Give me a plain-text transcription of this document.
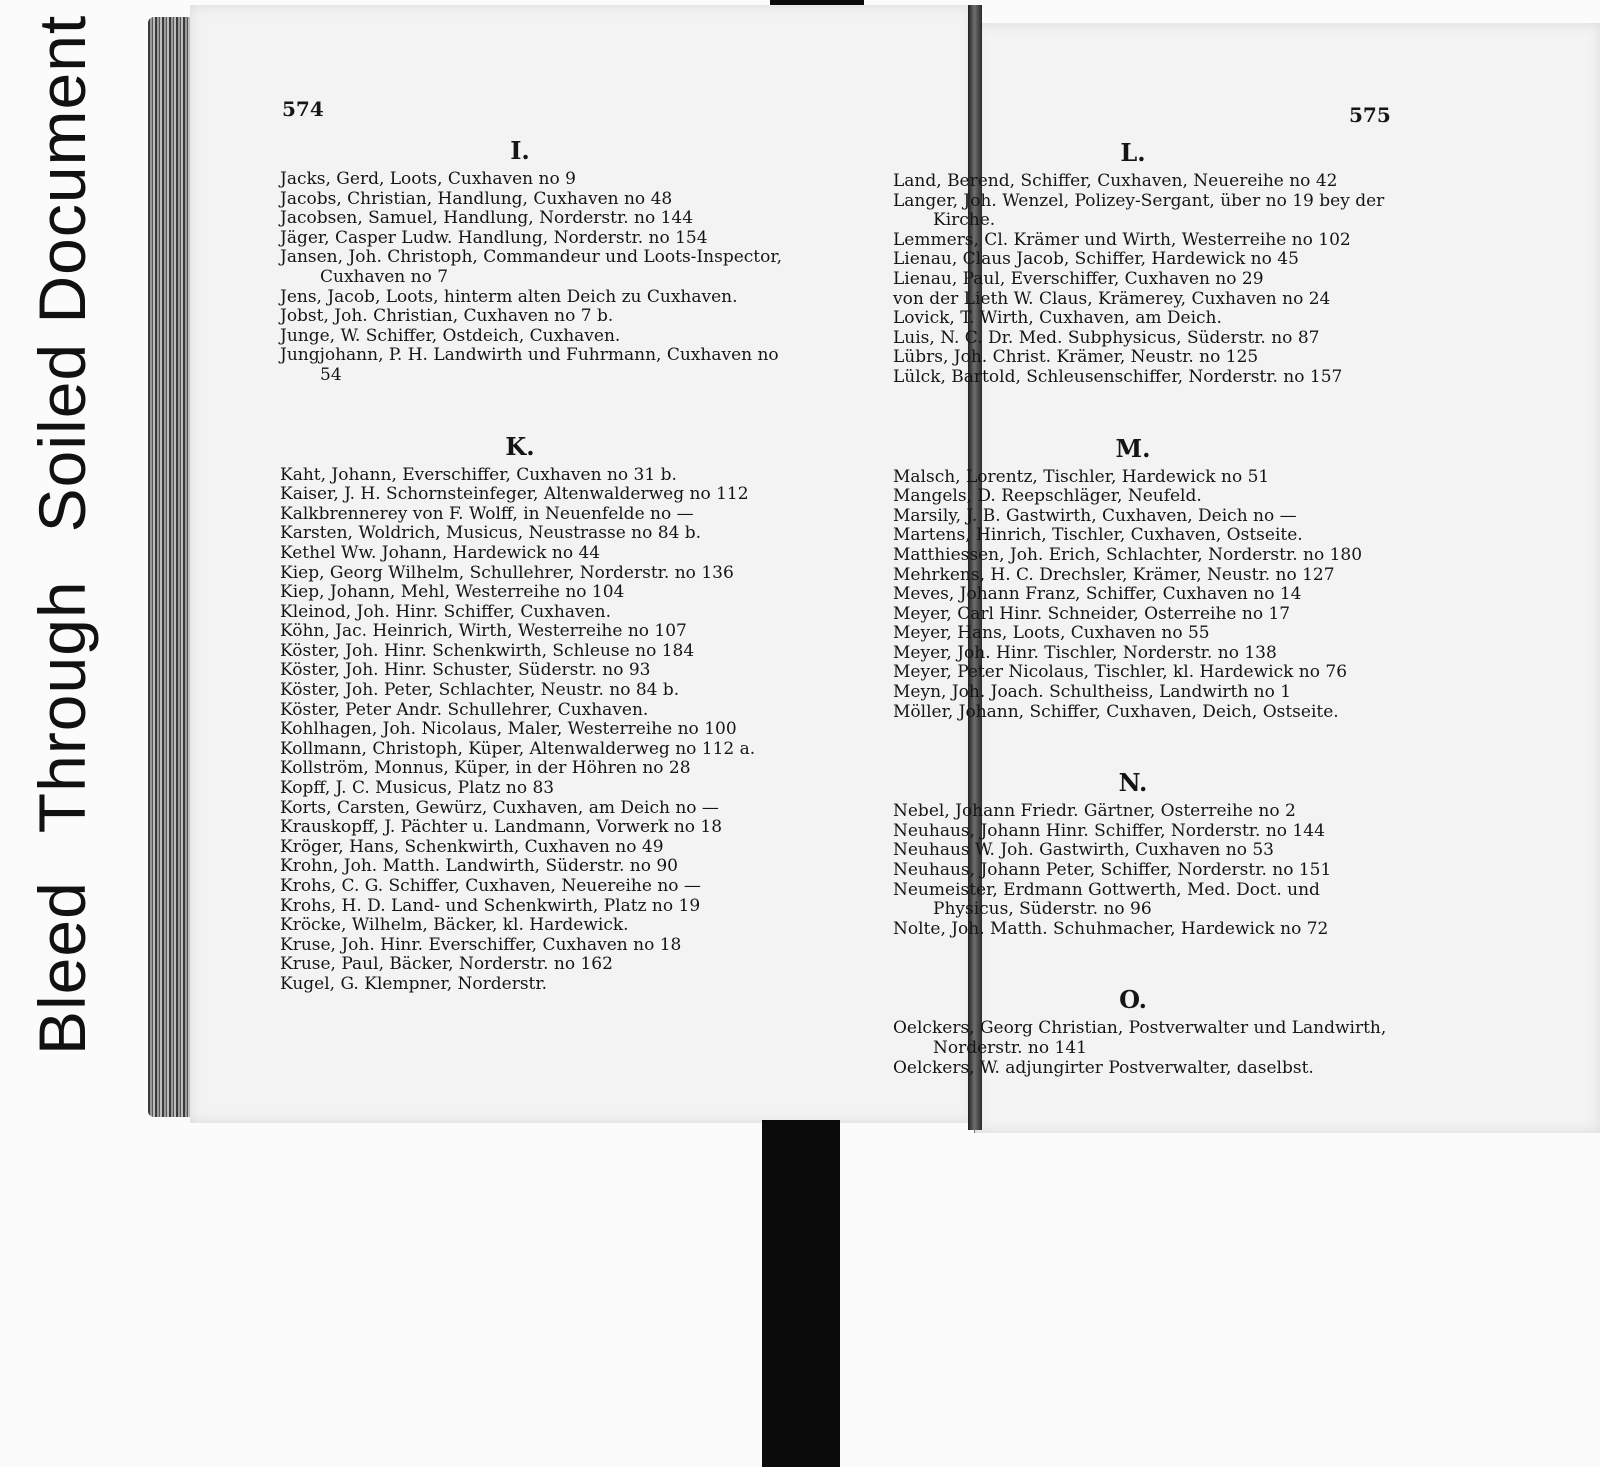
BleedThroughSoiled Document	574	575
I.
Jacks, Gerd, Loots, Cuxhaven no 9
Jacobs, Christian, Handlung, Cuxhaven no 48
Jacobsen, Samuel, Handlung, Norderstr. no 144
Jäger, Casper Ludw. Handlung, Norderstr. no 154
Jansen, Joh. Christoph, Commandeur und Loots-Inspector, Cuxhaven no 7
Jens, Jacob, Loots, hinterm alten Deich zu Cuxhaven.
Jobst, Joh. Christian, Cuxhaven no 7 b.
Junge, W. Schiffer, Ostdeich, Cuxhaven.
Jungjohann, P. H. Landwirth und Fuhrmann, Cuxhaven no 54
K.
Kaht, Johann, Everschiffer, Cuxhaven no 31 b.
Kaiser, J. H. Schornsteinfeger, Altenwalderweg no 112
Kalkbrennerey von F. Wolff, in Neuenfelde no —
Karsten, Woldrich, Musicus, Neustrasse no 84 b.
Kethel Ww. Johann, Hardewick no 44
Kiep, Georg Wilhelm, Schullehrer, Norderstr. no 136
Kiep, Johann, Mehl, Westerreihe no 104
Kleinod, Joh. Hinr. Schiffer, Cuxhaven.
Köhn, Jac. Heinrich, Wirth, Westerreihe no 107
Köster, Joh. Hinr. Schenkwirth, Schleuse no 184
Köster, Joh. Hinr. Schuster, Süderstr. no 93
Köster, Joh. Peter, Schlachter, Neustr. no 84 b.
Köster, Peter Andr. Schullehrer, Cuxhaven.
Kohlhagen, Joh. Nicolaus, Maler, Westerreihe no 100
Kollmann, Christoph, Küper, Altenwalderweg no 112 a.
Kollström, Monnus, Küper, in der Höhren no 28
Kopff, J. C. Musicus, Platz no 83
Korts, Carsten, Gewürz, Cuxhaven, am Deich no —
Krauskopff, J. Pächter u. Landmann, Vorwerk no 18
Kröger, Hans, Schenkwirth, Cuxhaven no 49
Krohn, Joh. Matth. Landwirth, Süderstr. no 90
Krohs, C. G. Schiffer, Cuxhaven, Neuereihe no —
Krohs, H. D. Land- und Schenkwirth, Platz no 19
Kröcke, Wilhelm, Bäcker, kl. Hardewick.
Kruse, Joh. Hinr. Everschiffer, Cuxhaven no 18
Kruse, Paul, Bäcker, Norderstr. no 162
Kugel, G. Klempner, Norderstr.
L.
Land, Berend, Schiffer, Cuxhaven, Neuereihe no 42
Langer, Joh. Wenzel, Polizey-Sergant, über no 19 bey der Kirche.
Lemmers, Cl. Krämer und Wirth, Westerreihe no 102
Lienau, Claus Jacob, Schiffer, Hardewick no 45
Lienau, Paul, Everschiffer, Cuxhaven no 29
von der Lieth W. Claus, Krämerey, Cuxhaven no 24
Lovick, T. Wirth, Cuxhaven, am Deich.
Luis, N. C. Dr. Med. Subphysicus, Süderstr. no 87
Lübrs, Joh. Christ. Krämer, Neustr. no 125
Lülck, Bartold, Schleusenschiffer, Norderstr. no 157
M.
Malsch, Lorentz, Tischler, Hardewick no 51
Mangels, D. Reepschläger, Neufeld.
Marsily, J. B. Gastwirth, Cuxhaven, Deich no —
Martens, Hinrich, Tischler, Cuxhaven, Ostseite.
Matthiessen, Joh. Erich, Schlachter, Norderstr. no 180
Mehrkens, H. C. Drechsler, Krämer, Neustr. no 127
Meves, Johann Franz, Schiffer, Cuxhaven no 14
Meyer, Carl Hinr. Schneider, Osterreihe no 17
Meyer, Hans, Loots, Cuxhaven no 55
Meyer, Joh. Hinr. Tischler, Norderstr. no 138
Meyer, Peter Nicolaus, Tischler, kl. Hardewick no 76
Meyn, Joh. Joach. Schultheiss, Landwirth no 1
Möller, Johann, Schiffer, Cuxhaven, Deich, Ostseite.
N.
Nebel, Johann Friedr. Gärtner, Osterreihe no 2
Neuhaus, Johann Hinr. Schiffer, Norderstr. no 144
Neuhaus W. Joh. Gastwirth, Cuxhaven no 53
Neuhaus, Johann Peter, Schiffer, Norderstr. no 151
Neumeister, Erdmann Gottwerth, Med. Doct. und Physicus, Süderstr. no 96
Nolte, Joh. Matth. Schuhmacher, Hardewick no 72
O.
Oelckers, Georg Christian, Postverwalter und Landwirth, Norderstr. no 141
Oelckers, W. adjungirter Postverwalter, daselbst.
